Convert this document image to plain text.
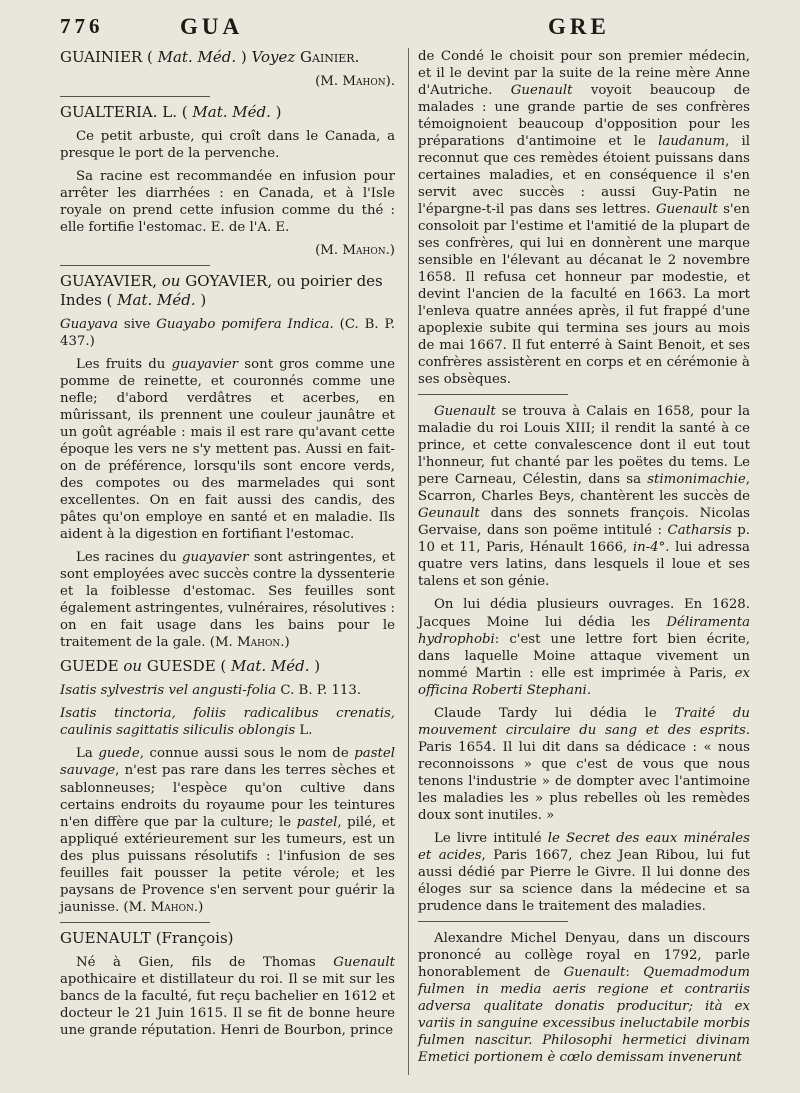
776	GUA	GRE

GUAINIER ( Mat. Méd. ) Voyez Gainier.

(M. Mahon).

GUALTERIA. L. ( Mat. Méd. )

Ce petit arbuste, qui croît dans le Canada, a presque le port de la pervenche.

Sa racine est recommandée en infusion pour arrêter les diarrhées : en Canada, et à l'Isle royale on prend cette infusion comme du thé : elle fortifie l'estomac. E. de l'A. E.

(M. Mahon.)

GUAYAVIER, ou GOYAVIER, ou poirier des Indes ( Mat. Méd. )

Guayava sive Guayabo pomifera Indica. (C. B. P. 437.)

Les fruits du guayavier sont gros comme une pomme de reinette, et couronnés comme une nefle; d'abord verdâtres et acerbes, en mûrissant, ils prennent une couleur jaunâtre et un goût agréable : mais il est rare qu'avant cette époque les vers ne s'y mettent pas. Aussi en fait-on de préférence, lorsqu'ils sont encore verds, des compotes ou des marmelades qui sont excellentes. On en fait aussi des candis, des pâtes qu'on employe en santé et en maladie. Ils aident à la digestion en fortifiant l'estomac.

Les racines du guayavier sont astringentes, et sont employées avec succès contre la dyssenterie et la foiblesse d'estomac. Ses feuilles sont également astringentes, vulnéraires, résolutives : on en fait usage dans les bains pour le traitement de la gale. (M. Mahon.)

GUEDE ou GUESDE ( Mat. Méd. )

Isatis sylvestris vel angusti-folia C. B. P. 113.

Isatis tinctoria, foliis radicalibus crenatis, caulinis sagittatis siliculis oblongis L.

La guede, connue aussi sous le nom de pastel sauvage, n'est pas rare dans les terres sèches et sablonneuses; l'espèce qu'on cultive dans certains endroits du royaume pour les teintures n'en diffère que par la culture; le pastel, pilé, et appliqué extérieurement sur les tumeurs, est un des plus puissans résolutifs : l'infusion de ses feuilles fait pousser la petite vérole; et les paysans de Provence s'en servent pour guérir la jaunisse. (M. Mahon.)

GUENAULT (François)

Né à Gien, fils de Thomas Guenault apothicaire et distillateur du roi. Il se mit sur les bancs de la faculté, fut reçu bachelier en 1612 et docteur le 21 Juin 1615. Il se fit de bonne heure une grande réputation. Henri de Bourbon, prince

de Condé le choisit pour son premier médecin, et il le devint par la suite de la reine mère Anne d'Autriche. Guenault voyoit beaucoup de malades : une grande partie de ses confrères témoignoient beaucoup d'opposition pour les préparations d'antimoine et le laudanum, il reconnut que ces remèdes étoient puissans dans certaines maladies, et en conséquence il s'en servit avec succès : aussi Guy-Patin ne l'épargne-t-il pas dans ses lettres. Guenault s'en consoloit par l'estime et l'amitié de la plupart de ses confrères, qui lui en donnèrent une marque sensible en l'élevant au décanat le 2 novembre 1658. Il refusa cet honneur par modestie, et devint l'ancien de la faculté en 1663. La mort l'enleva quatre années après, il fut frappé d'une apoplexie subite qui termina ses jours au mois de mai 1667. Il fut enterré à Saint Benoit, et ses confrères assistèrent en corps et en cérémonie à ses obsèques.

Guenault se trouva à Calais en 1658, pour la maladie du roi Louis XIII; il rendit la santé à ce prince, et cette convalescence dont il eut tout l'honneur, fut chanté par les poëtes du tems. Le pere Carneau, Célestin, dans sa stimonimachie, Scarron, Charles Beys, chantèrent les succès de Geunault dans des sonnets françois. Nicolas Gervaise, dans son poëme intitulé : Catharsis p. 10 et 11, Paris, Hénault 1666, in-4°. lui adressa quatre vers latins, dans lesquels il loue et ses talens et son génie.

On lui dédia plusieurs ouvrages. En 1628. Jacques Moine lui dédia les Déliramenta hydrophobi: c'est une lettre fort bien écrite, dans laquelle Moine attaque vivement un nommé Martin : elle est imprimée à Paris, ex officina Roberti Stephani.

Claude Tardy lui dédia le Traité du mouvement circulaire du sang et des esprits. Paris 1654. Il lui dit dans sa dédicace : « nous reconnoissons » que c'est de vous que nous tenons l'industrie » de dompter avec l'antimoine les maladies les » plus rebelles où les remèdes doux sont inutiles. »

Le livre intitulé le Secret des eaux minérales et acides, Paris 1667, chez Jean Ribou, lui fut aussi dédié par Pierre le Givre. Il lui donne des éloges sur sa science dans la médecine et sa prudence dans le traitement des maladies.

Alexandre Michel Denyau, dans un discours prononcé au collège royal en 1792, parle honorablement de Guenault: Quemadmodum fulmen in media aeris regione et contrariis adversa qualitate donatis producitur; ità ex variis in sanguine excessibus ineluctabile morbis fulmen nascitur. Philosophi hermetici divinam Emetici portionem è cœlo demissam invenerunt
